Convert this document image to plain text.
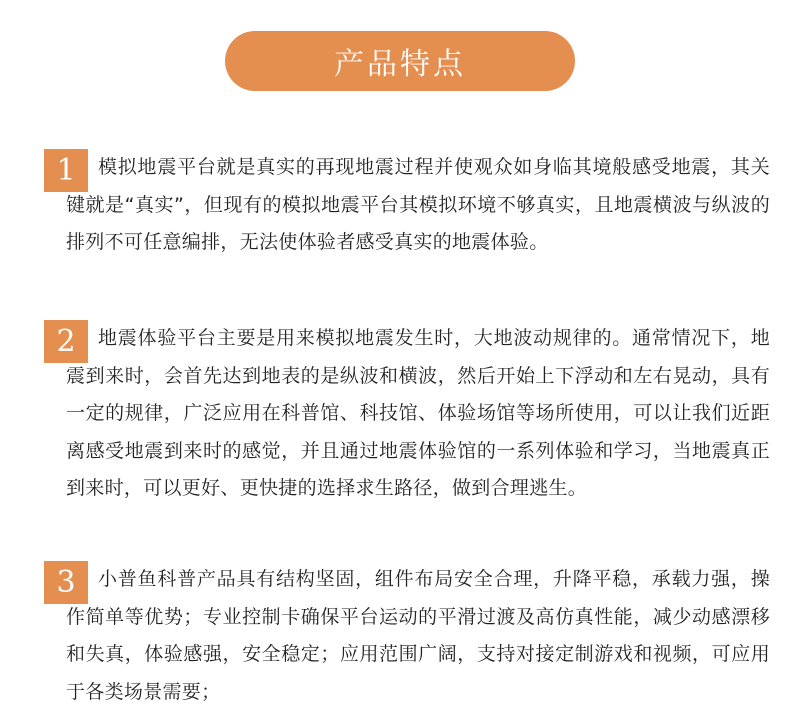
产品特点

模拟地震平台就是真实的再现地震过程并使观众如身临其境般感受地震，其关键就是“真实”，但现有的模拟地震平台其模拟环境不够真实，且地震横波与纵波的排列不可任意编排，无法使体验者感受真实的地震体验。

1

地震体验平台主要是用来模拟地震发生时，大地波动规律的。通常情况下，地震到来时，会首先达到地表的是纵波和横波，然后开始上下浮动和左右晃动，具有一定的规律，广泛应用在科普馆、科技馆、体验场馆等场所使用，可以让我们近距离感受地震到来时的感觉，并且通过地震体验馆的一系列体验和学习，当地震真正到来时，可以更好、更快捷的选择求生路径，做到合理逃生。

2

小普鱼科普产品具有结构坚固，组件布局安全合理，升降平稳，承载力强，操作简单等优势；专业控制卡确保平台运动的平滑过渡及高仿真性能，减少动感漂移和失真，体验感强，安全稳定；应用范围广阔，支持对接定制游戏和视频，可应用于各类场景需要；

3
